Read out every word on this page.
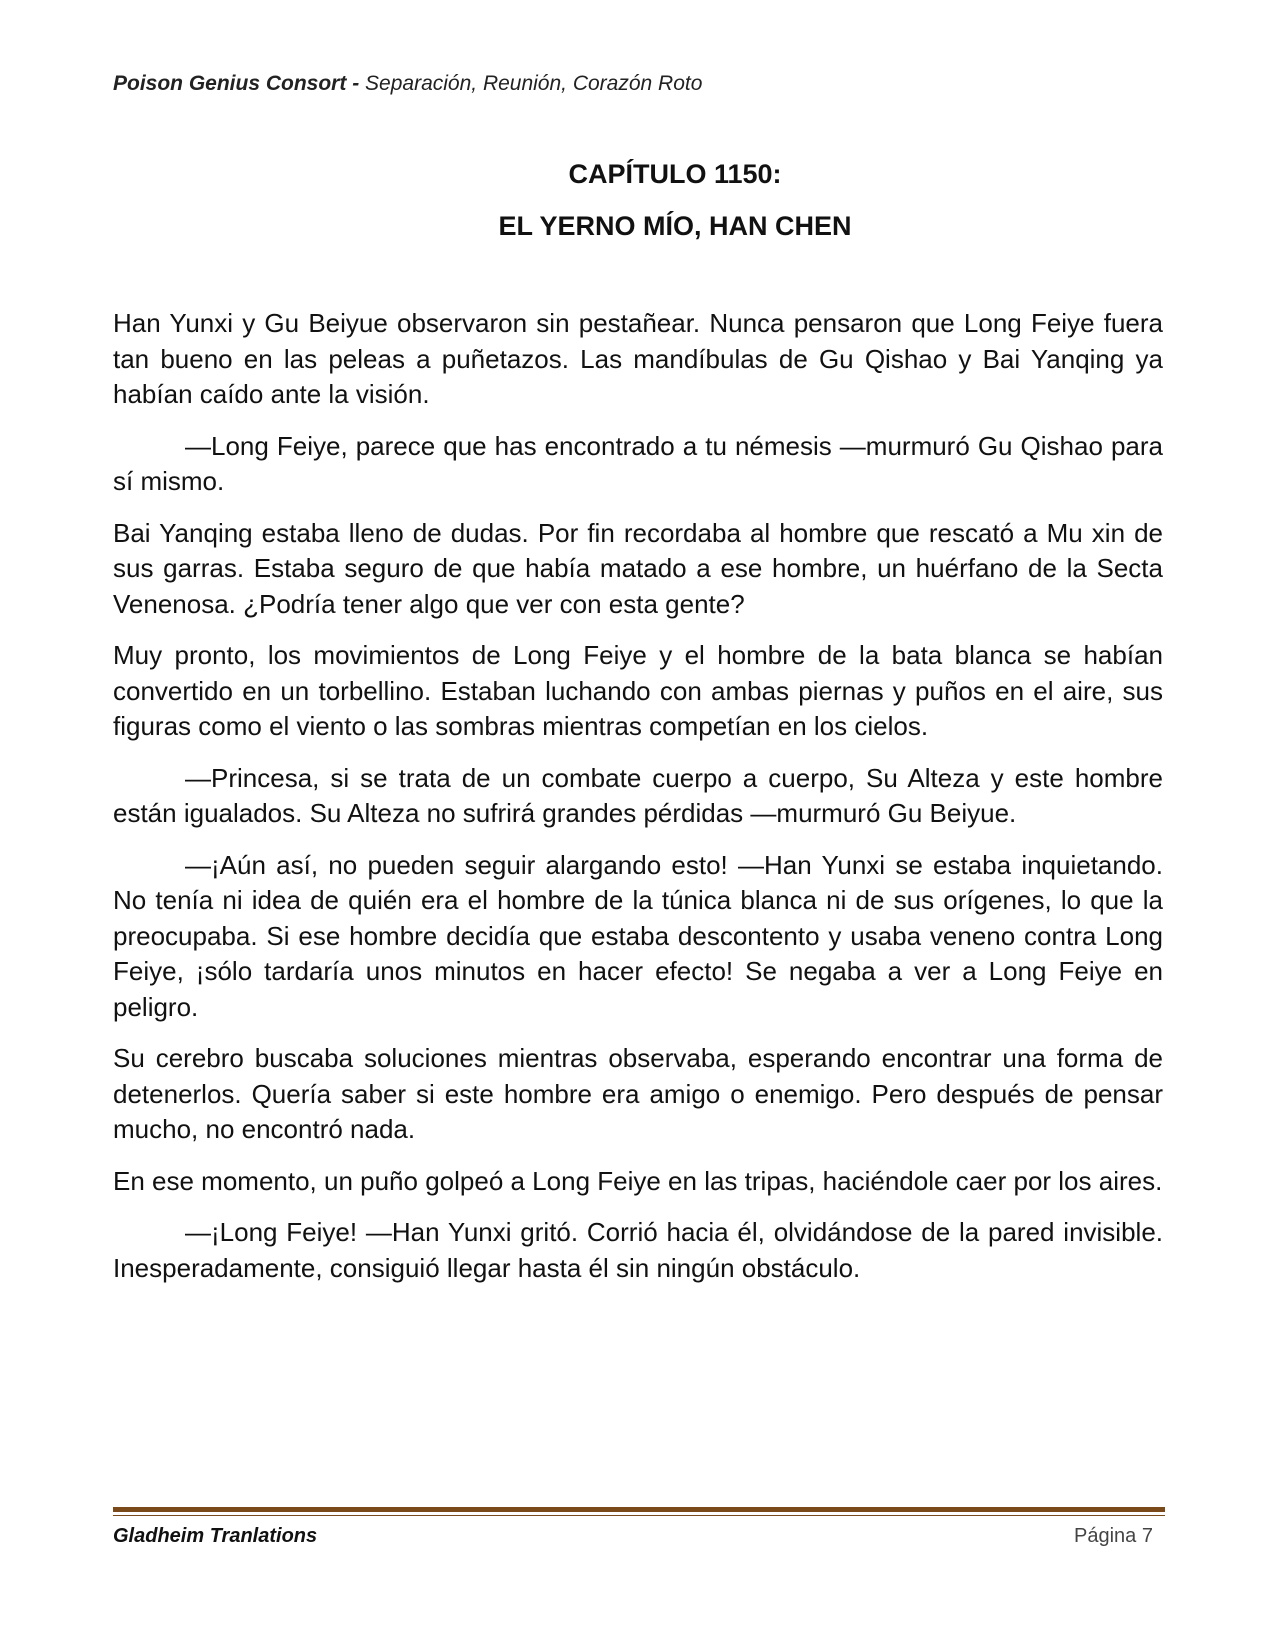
Poison Genius Consort - Separación, Reunión, Corazón Roto
CAPÍTULO 1150:
EL YERNO MÍO, HAN CHEN

Han Yunxi y Gu Beiyue observaron sin pestañear. Nunca pensaron que Long Feiye fuera tan bueno en las peleas a puñetazos. Las mandíbulas de Gu Qishao y Bai Yanqing ya habían caído ante la visión.

—Long Feiye, parece que has encontrado a tu némesis —murmuró Gu Qishao para sí mismo.

Bai Yanqing estaba lleno de dudas. Por fin recordaba al hombre que rescató a Mu xin de sus garras. Estaba seguro de que había matado a ese hombre, un huérfano de la Secta Venenosa. ¿Podría tener algo que ver con esta gente?

Muy pronto, los movimientos de Long Feiye y el hombre de la bata blanca se habían convertido en un torbellino. Estaban luchando con ambas piernas y puños en el aire, sus figuras como el viento o las sombras mientras competían en los cielos.

—Princesa, si se trata de un combate cuerpo a cuerpo, Su Alteza y este hombre están igualados. Su Alteza no sufrirá grandes pérdidas —murmuró Gu Beiyue.

—¡Aún así, no pueden seguir alargando esto! —Han Yunxi se estaba inquietando. No tenía ni idea de quién era el hombre de la túnica blanca ni de sus orígenes, lo que la preocupaba. Si ese hombre decidía que estaba descontento y usaba veneno contra Long Feiye, ¡sólo tardaría unos minutos en hacer efecto! Se negaba a ver a Long Feiye en peligro.

Su cerebro buscaba soluciones mientras observaba, esperando encontrar una forma de detenerlos. Quería saber si este hombre era amigo o enemigo. Pero después de pensar mucho, no encontró nada.

En ese momento, un puño golpeó a Long Feiye en las tripas, haciéndole caer por los aires.

—¡Long Feiye! —Han Yunxi gritó. Corrió hacia él, olvidándose de la pared invisible. Inesperadamente, consiguió llegar hasta él sin ningún obstáculo.

Gladheim Tranlations	Página 7
